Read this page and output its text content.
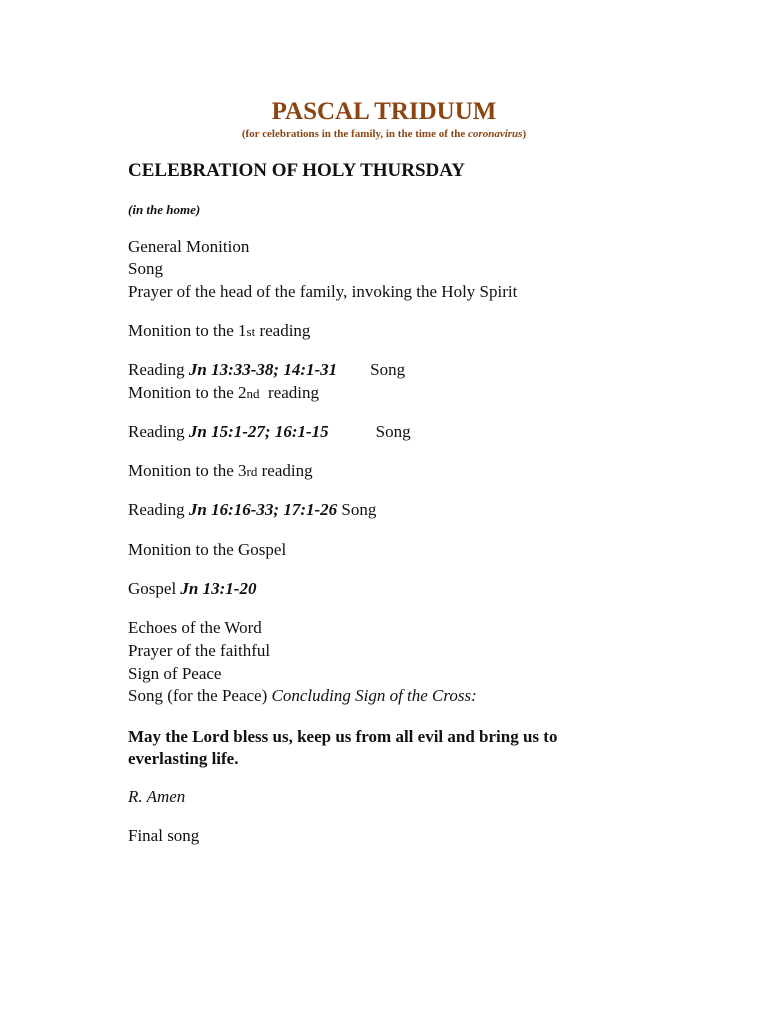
PASCAL TRIDUUM
(for celebrations in the family, in the time of the coronavirus)
CELEBRATION OF HOLY THURSDAY
(in the home)
General Monition
Song
Prayer of the head of the family, invoking the Holy Spirit
Monition to the 1st reading
Reading Jn 13:33-38; 14:1-31 Song
Monition to the 2nd  reading
Reading Jn 15:1-27; 16:1-15	Song
Monition to the 3rd reading
Reading Jn 16:16-33; 17:1-26 Song
Monition to the Gospel
Gospel Jn 13:1-20
Echoes of the Word
Prayer of the faithful
Sign of Peace
Song (for the Peace) Concluding Sign of the Cross:
May the Lord bless us, keep us from all evil and bring us to
everlasting life.
R. Amen
Final song
